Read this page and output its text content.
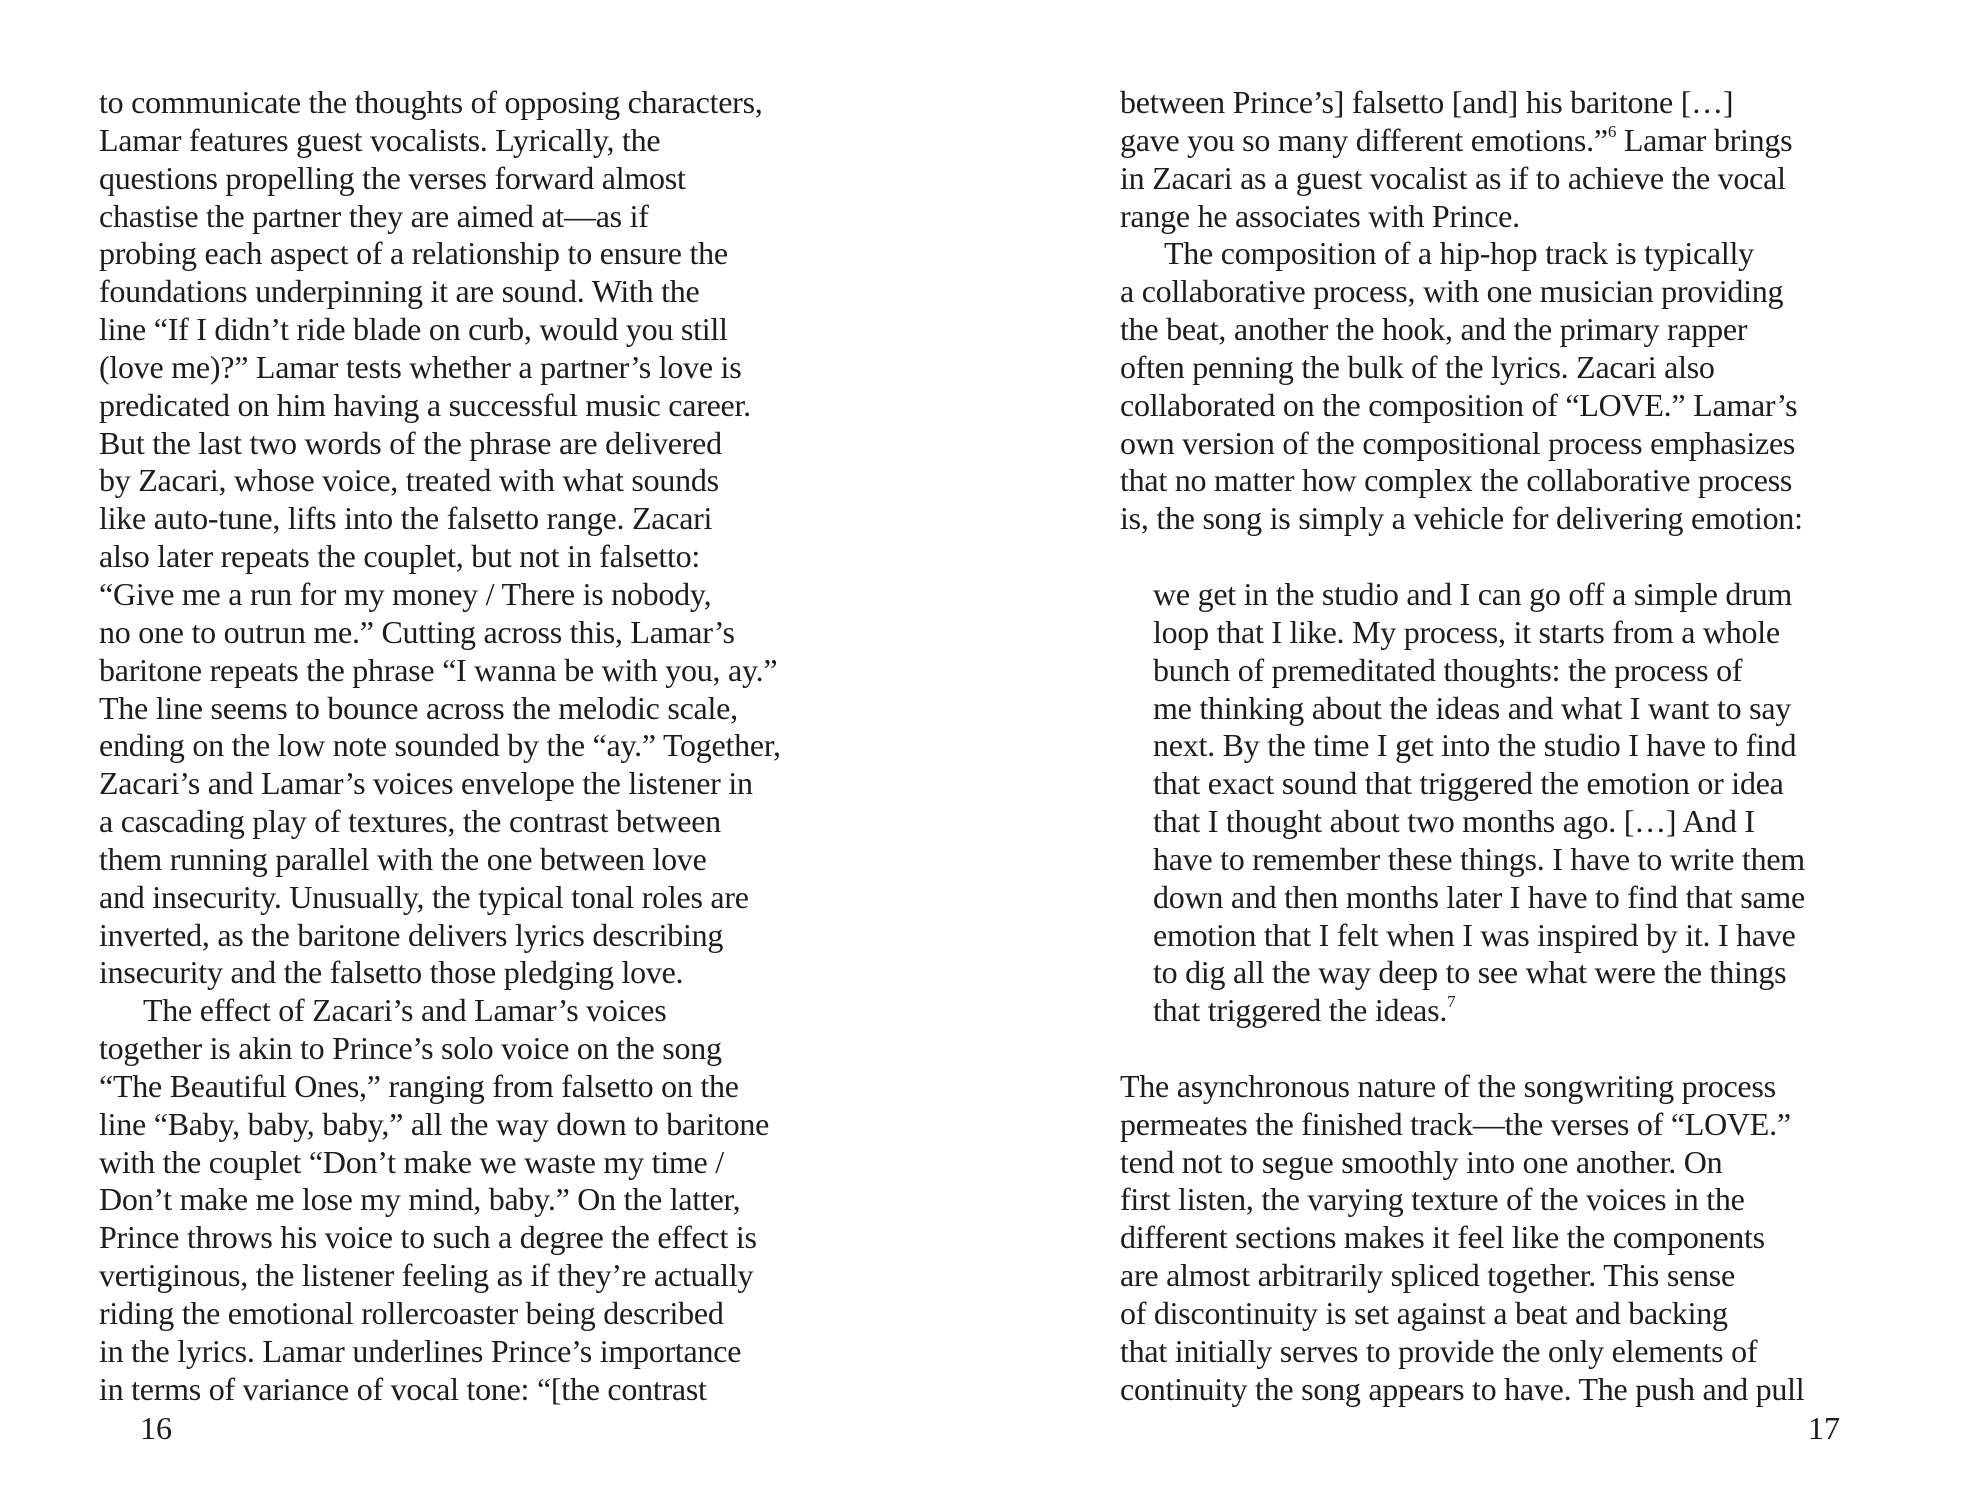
to communicate the thoughts of opposing characters,
Lamar features guest vocalists. Lyrically, the
questions propelling the verses forward almost
chastise the partner they are aimed at—as if
probing each aspect of a relationship to ensure the
foundations underpinning it are sound. With the
line “If I didn’t ride blade on curb, would you still
(love me)?” Lamar tests whether a partner’s love is
predicated on him having a successful music career.
But the last two words of the phrase are delivered
by Zacari, whose voice, treated with what sounds
like auto-tune, lifts into the falsetto range. Zacari
also later repeats the couplet, but not in falsetto:
“Give me a run for my money / There is nobody,
no one to outrun me.” Cutting across this, Lamar’s
baritone repeats the phrase “I wanna be with you, ay.”
The line seems to bounce across the melodic scale,
ending on the low note sounded by the “ay.” Together,
Zacari’s and Lamar’s voices envelope the listener in
a cascading play of textures, the contrast between
them running parallel with the one between love
and insecurity. Unusually, the typical tonal roles are
inverted, as the baritone delivers lyrics describing
insecurity and the falsetto those pledging love.
The effect of Zacari’s and Lamar’s voices
together is akin to Prince’s solo voice on the song
“The Beautiful Ones,” ranging from falsetto on the
line “Baby, baby, baby,” all the way down to baritone
with the couplet “Don’t make we waste my time /
Don’t make me lose my mind, baby.” On the latter,
Prince throws his voice to such a degree the effect is
vertiginous, the listener feeling as if they’re actually
riding the emotional rollercoaster being described
in the lyrics. Lamar underlines Prince’s importance
in terms of variance of vocal tone: “[the contrast
16
between Prince’s] falsetto [and] his baritone […]
gave you so many different emotions.”$^6$ Lamar brings
in Zacari as a guest vocalist as if to achieve the vocal
range he associates with Prince.
The composition of a hip-hop track is typically
a collaborative process, with one musician providing
the beat, another the hook, and the primary rapper
often penning the bulk of the lyrics. Zacari also
collaborated on the composition of “LOVE.” Lamar’s
own version of the compositional process emphasizes
that no matter how complex the collaborative process
is, the song is simply a vehicle for delivering emotion:
we get in the studio and I can go off a simple drum
loop that I like. My process, it starts from a whole
bunch of premeditated thoughts: the process of
me thinking about the ideas and what I want to say
next. By the time I get into the studio I have to find
that exact sound that triggered the emotion or idea
that I thought about two months ago. […] And I
have to remember these things. I have to write them
down and then months later I have to find that same
emotion that I felt when I was inspired by it. I have
to dig all the way deep to see what were the things
that triggered the ideas.$^7$
The asynchronous nature of the songwriting process
permeates the finished track—the verses of “LOVE.”
tend not to segue smoothly into one another. On
first listen, the varying texture of the voices in the
different sections makes it feel like the components
are almost arbitrarily spliced together. This sense
of discontinuity is set against a beat and backing
that initially serves to provide the only elements of
continuity the song appears to have. The push and pull
17
